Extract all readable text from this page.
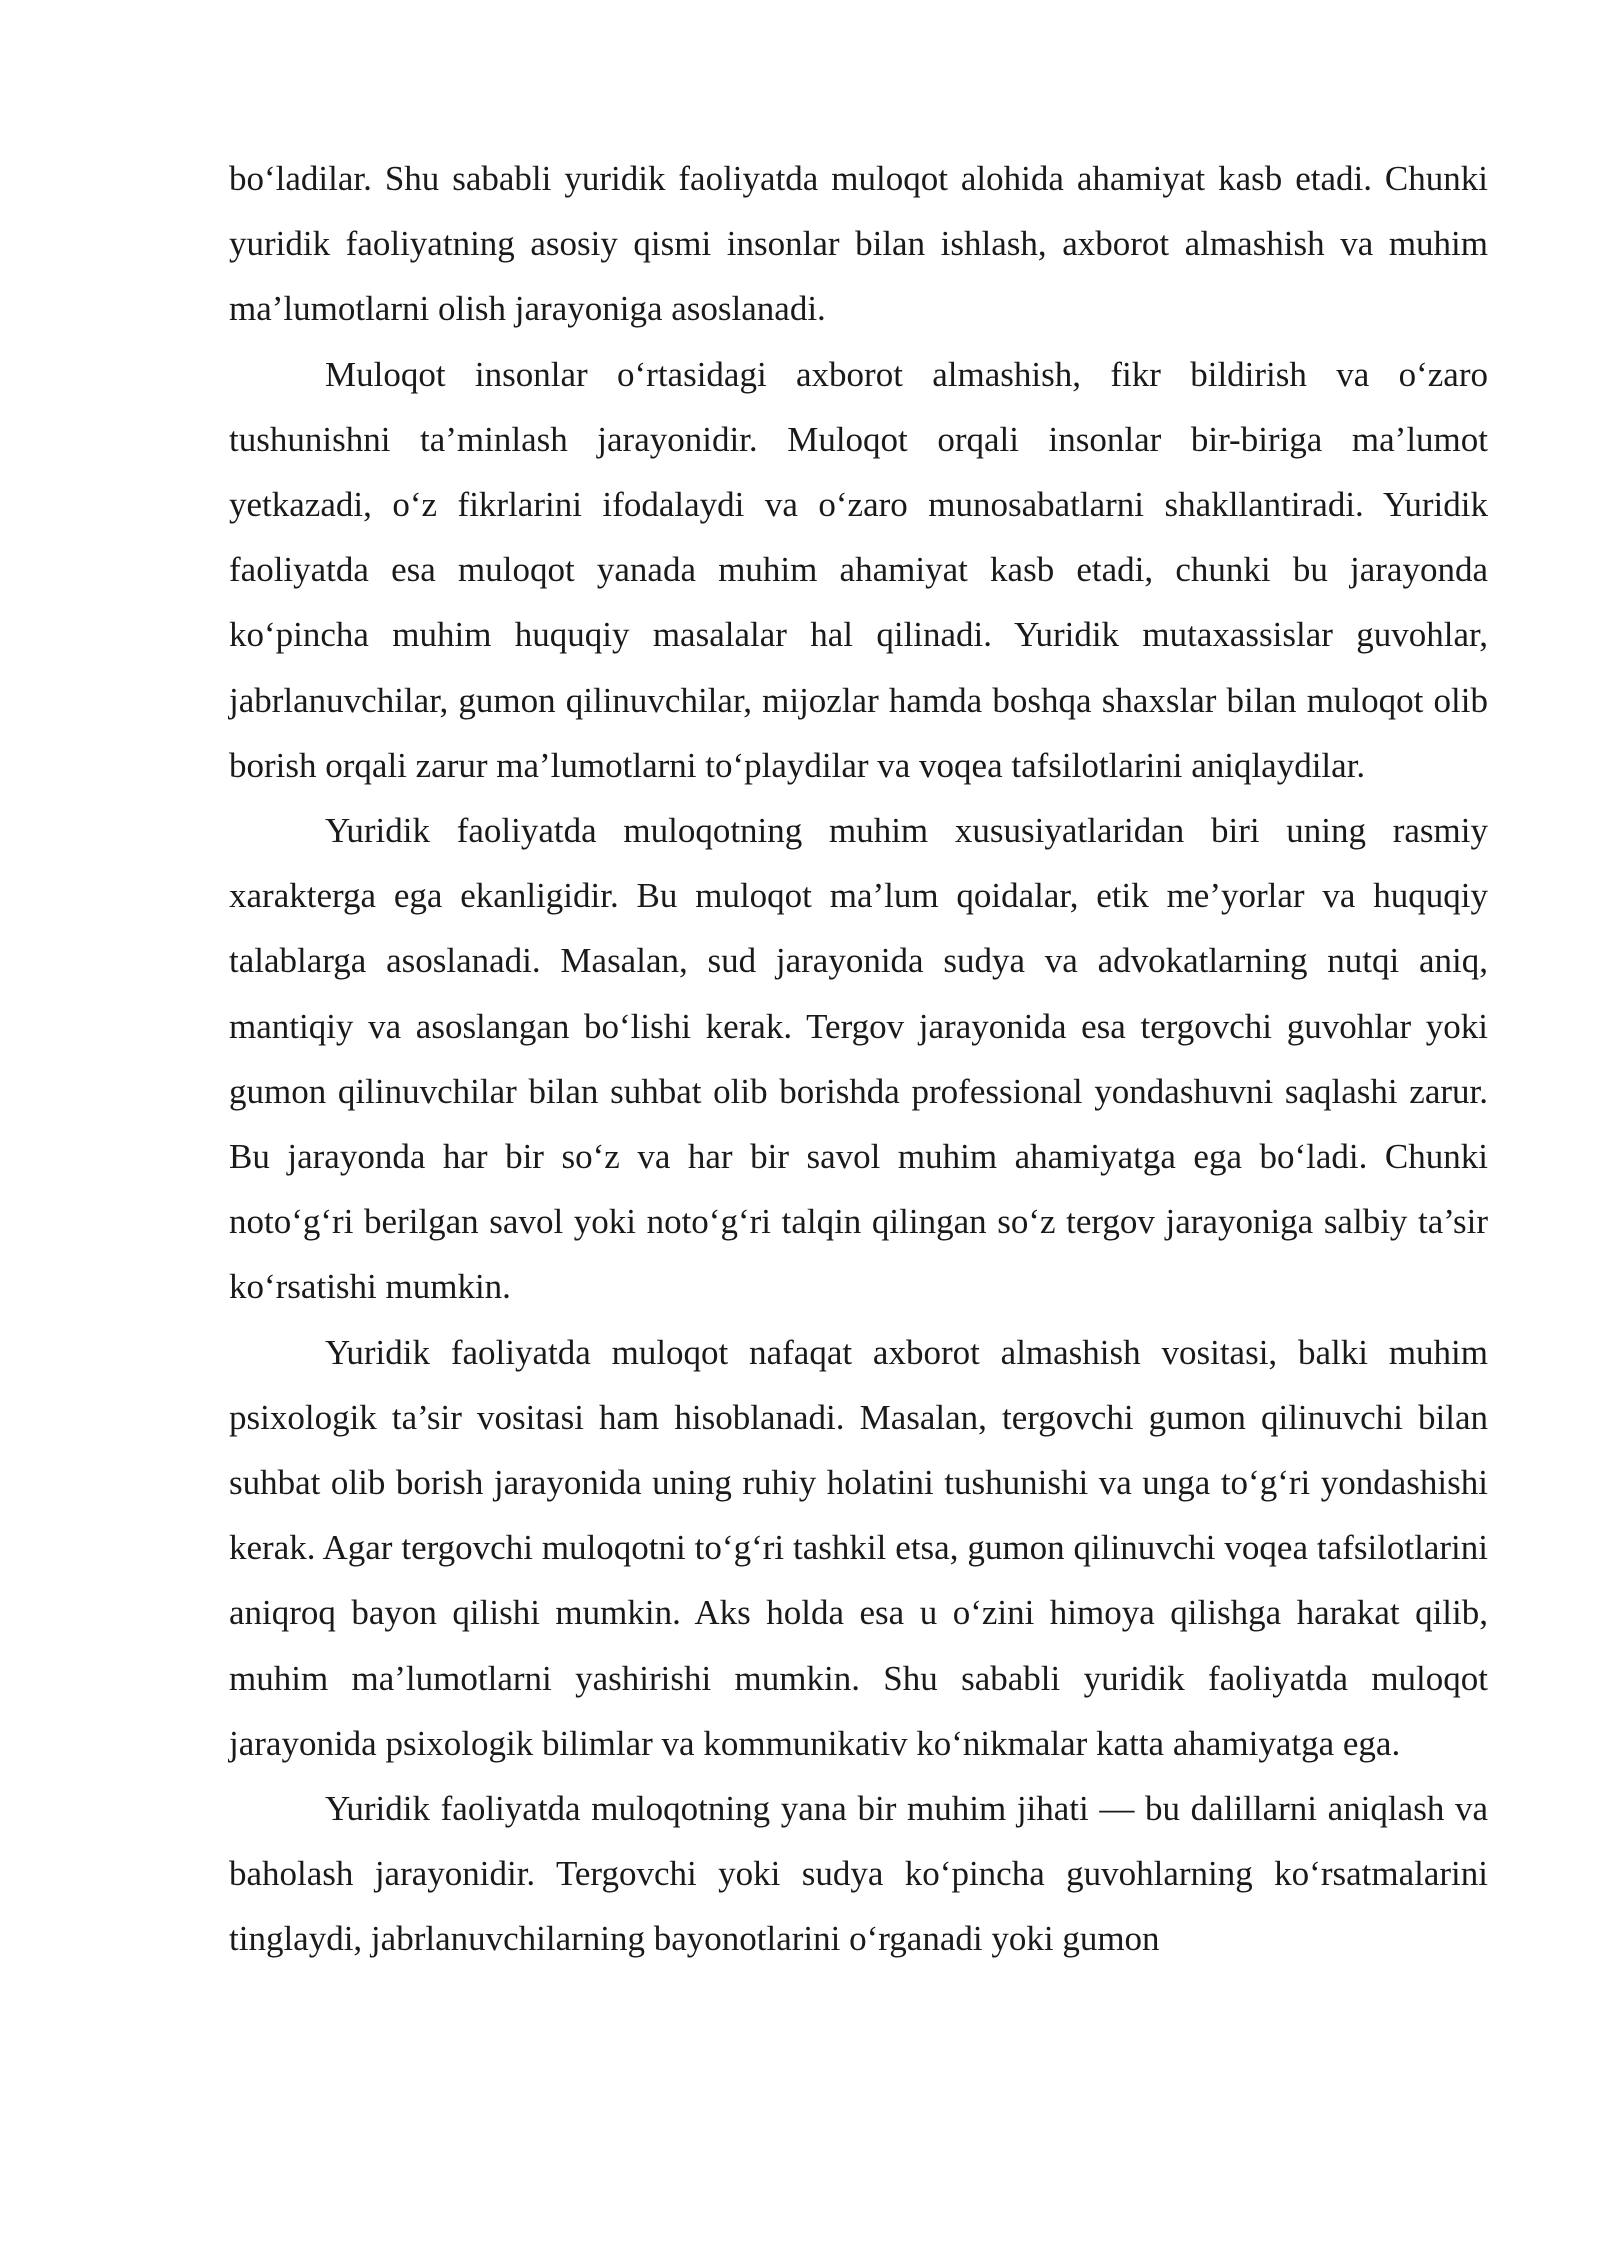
bo‘ladilar. Shu sababli yuridik faoliyatda muloqot alohida ahamiyat kasb etadi. Chunki yuridik faoliyatning asosiy qismi insonlar bilan ishlash, axborot almashish va muhim ma’lumotlarni olish jarayoniga asoslanadi.

Muloqot insonlar o‘rtasidagi axborot almashish, fikr bildirish va o‘zaro tushunishni ta’minlash jarayonidir. Muloqot orqali insonlar bir-biriga ma’lumot yetkazadi, o‘z fikrlarini ifodalaydi va o‘zaro munosabatlarni shakllantiradi. Yuridik faoliyatda esa muloqot yanada muhim ahamiyat kasb etadi, chunki bu jarayonda ko‘pincha muhim huquqiy masalalar hal qilinadi. Yuridik mutaxassislar guvohlar, jabrlanuvchilar, gumon qilinuvchilar, mijozlar hamda boshqa shaxslar bilan muloqot olib borish orqali zarur ma’lumotlarni to‘playdilar va voqea tafsilotlarini aniqlaydilar.

Yuridik faoliyatda muloqotning muhim xususiyatlaridan biri uning rasmiy xarakterga ega ekanligidir. Bu muloqot ma’lum qoidalar, etik me’yorlar va huquqiy talablarga asoslanadi. Masalan, sud jarayonida sudya va advokatlarning nutqi aniq, mantiqiy va asoslangan bo‘lishi kerak. Tergov jarayonida esa tergovchi guvohlar yoki gumon qilinuvchilar bilan suhbat olib borishda professional yondashuvni saqlashi zarur. Bu jarayonda har bir so‘z va har bir savol muhim ahamiyatga ega bo‘ladi. Chunki noto‘g‘ri berilgan savol yoki noto‘g‘ri talqin qilingan so‘z tergov jarayoniga salbiy ta’sir ko‘rsatishi mumkin.

Yuridik faoliyatda muloqot nafaqat axborot almashish vositasi, balki muhim psixologik ta’sir vositasi ham hisoblanadi. Masalan, tergovchi gumon qilinuvchi bilan suhbat olib borish jarayonida uning ruhiy holatini tushunishi va unga to‘g‘ri yondashishi kerak. Agar tergovchi muloqotni to‘g‘ri tashkil etsa, gumon qilinuvchi voqea tafsilotlarini aniqroq bayon qilishi mumkin. Aks holda esa u o‘zini himoya qilishga harakat qilib, muhim ma’lumotlarni yashirishi mumkin. Shu sababli yuridik faoliyatda muloqot jarayonida psixologik bilimlar va kommunikativ ko‘nikmalar katta ahamiyatga ega.

Yuridik faoliyatda muloqotning yana bir muhim jihati — bu dalillarni aniqlash va baholash jarayonidir. Tergovchi yoki sudya ko‘pincha guvohlarning ko‘rsatmalarini tinglaydi, jabrlanuvchilarning bayonotlarini o‘rganadi yoki gumon
